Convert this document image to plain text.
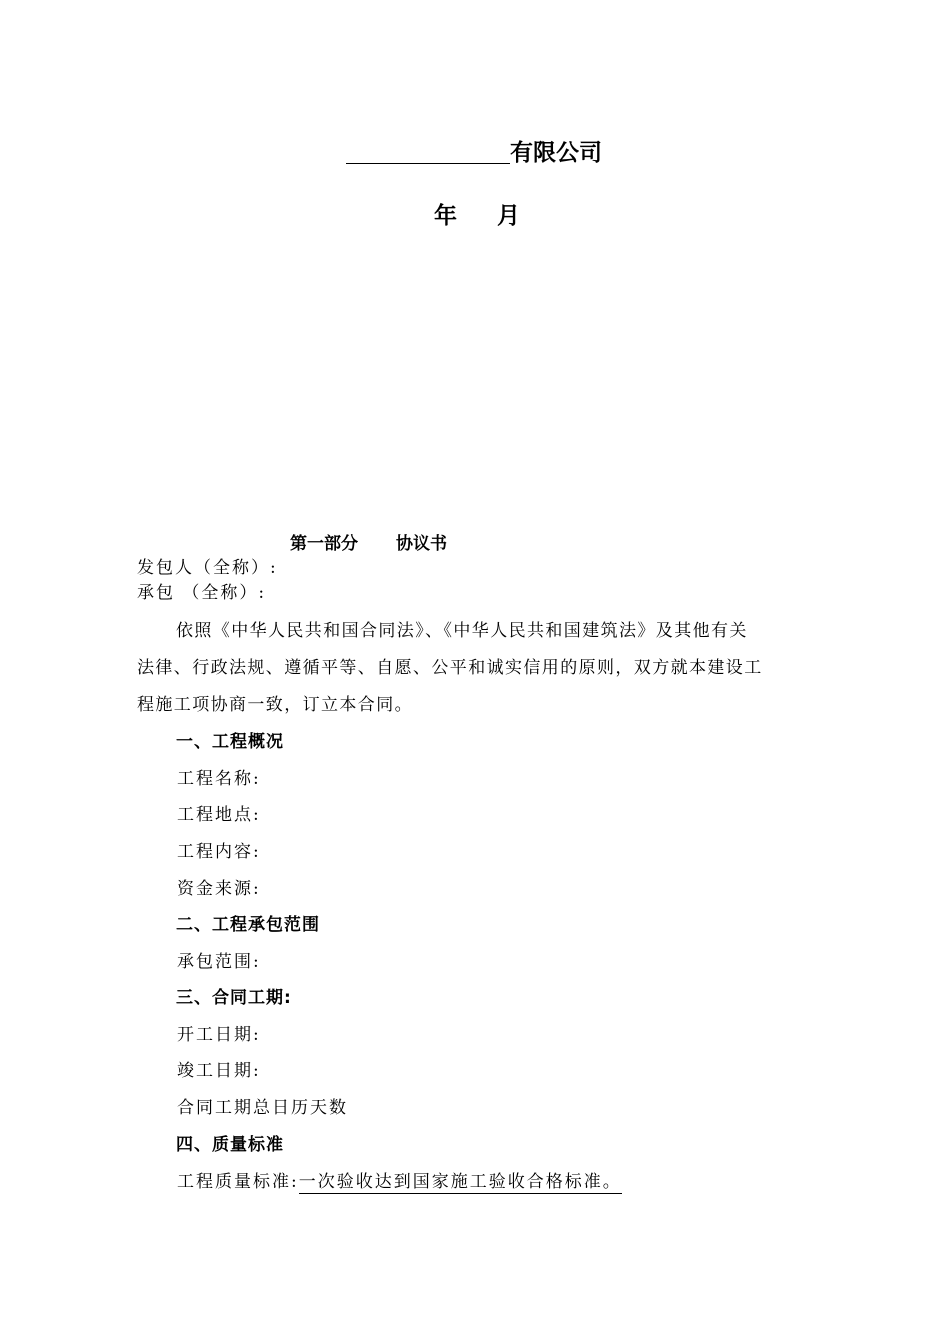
有限公司
年 月
第一部分 协议书
发包人（全称）:
承包 （全称）:
依照《中华人民共和国合同法》、《中华人民共和国建筑法》及其他有关
法律、行政法规、遵循平等、自愿、公平和诚实信用的原则，双方就本建设工
程施工项协商一致，订立本合同。
一、工程概况
工程名称:
工程地点:
工程内容:
资金来源:
二、工程承包范围
承包范围:
三、合同工期:
开工日期:
竣工日期:
合同工期总日历天数
四、质量标准
工程质量标准:一次验收达到国家施工验收合格标准。
